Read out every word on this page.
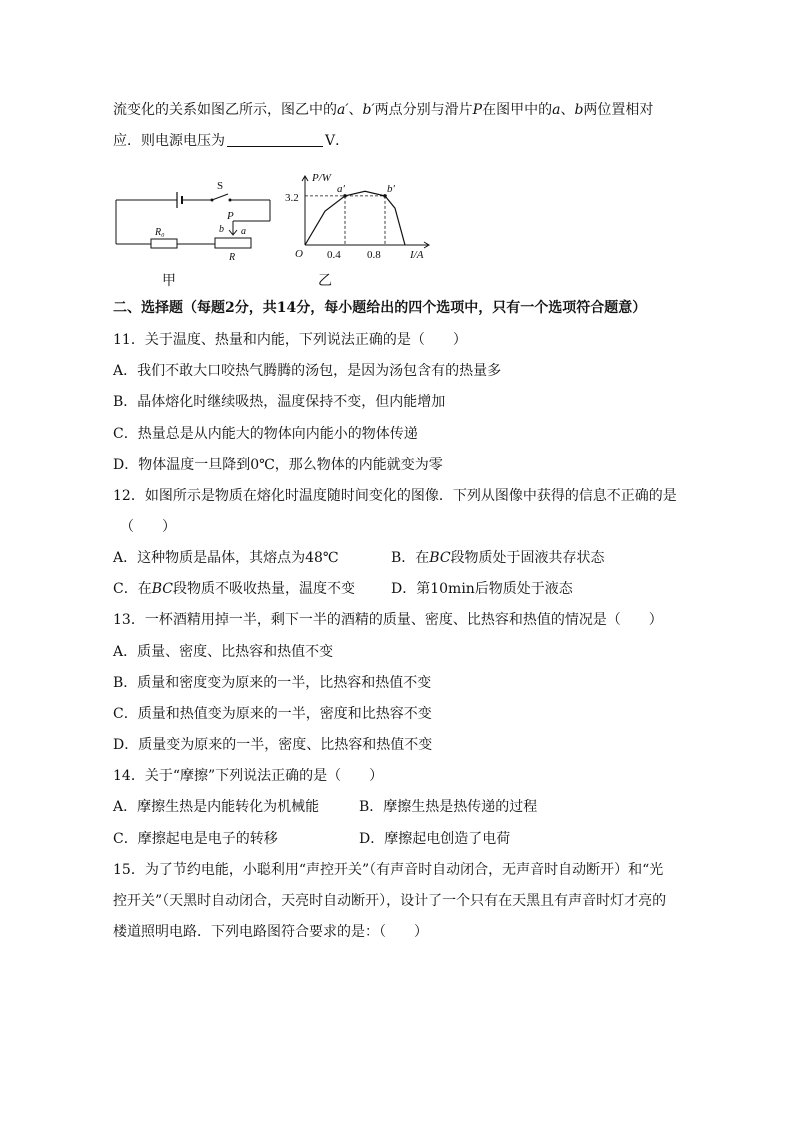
流变化的关系如图乙所示，图乙中的a′、b′两点分别与滑片P在图甲中的a、b两位置相对
应．则电源电压为	V．
S
P
R₀	b a
R
甲
P/W
I/A
O
3.2
0.4 0.8
a′	b′
乙
二、选择题（每题2分，共14分，每小题给出的四个选项中，只有一个选项符合题意）
11．关于温度、热量和内能，下列说法正确的是（　　）
A．我们不敢大口咬热气腾腾的汤包，是因为汤包含有的热量多
B．晶体熔化时继续吸热，温度保持不变，但内能增加
C．热量总是从内能大的物体向内能小的物体传递
D．物体温度一旦降到0℃，那么物体的内能就变为零
12．如图所示是物质在熔化时温度随时间变化的图像．下列从图像中获得的信息不正确的是
（　　）
A．这种物质是晶体，其熔点为48℃	B．在BC段物质处于固液共存状态
C．在BC段物质不吸收热量，温度不变	D．第10min后物质处于液态
13．一杯酒精用掉一半，剩下一半的酒精的质量、密度、比热容和热值的情况是（　　）
A．质量、密度、比热容和热值不变
B．质量和密度变为原来的一半，比热容和热值不变
C．质量和热值变为原来的一半，密度和比热容不变
D．质量变为原来的一半，密度、比热容和热值不变
14．关于“摩擦”下列说法正确的是（　　）
A．摩擦生热是内能转化为机械能	B．摩擦生热是热传递的过程
C．摩擦起电是电子的转移	D．摩擦起电创造了电荷
15．为了节约电能，小聪利用“声控开关”（有声音时自动闭合，无声音时自动断开）和“光
控开关”（天黑时自动闭合，天亮时自动断开），设计了一个只有在天黑且有声音时灯才亮的
楼道照明电路．下列电路图符合要求的是：（　　）
